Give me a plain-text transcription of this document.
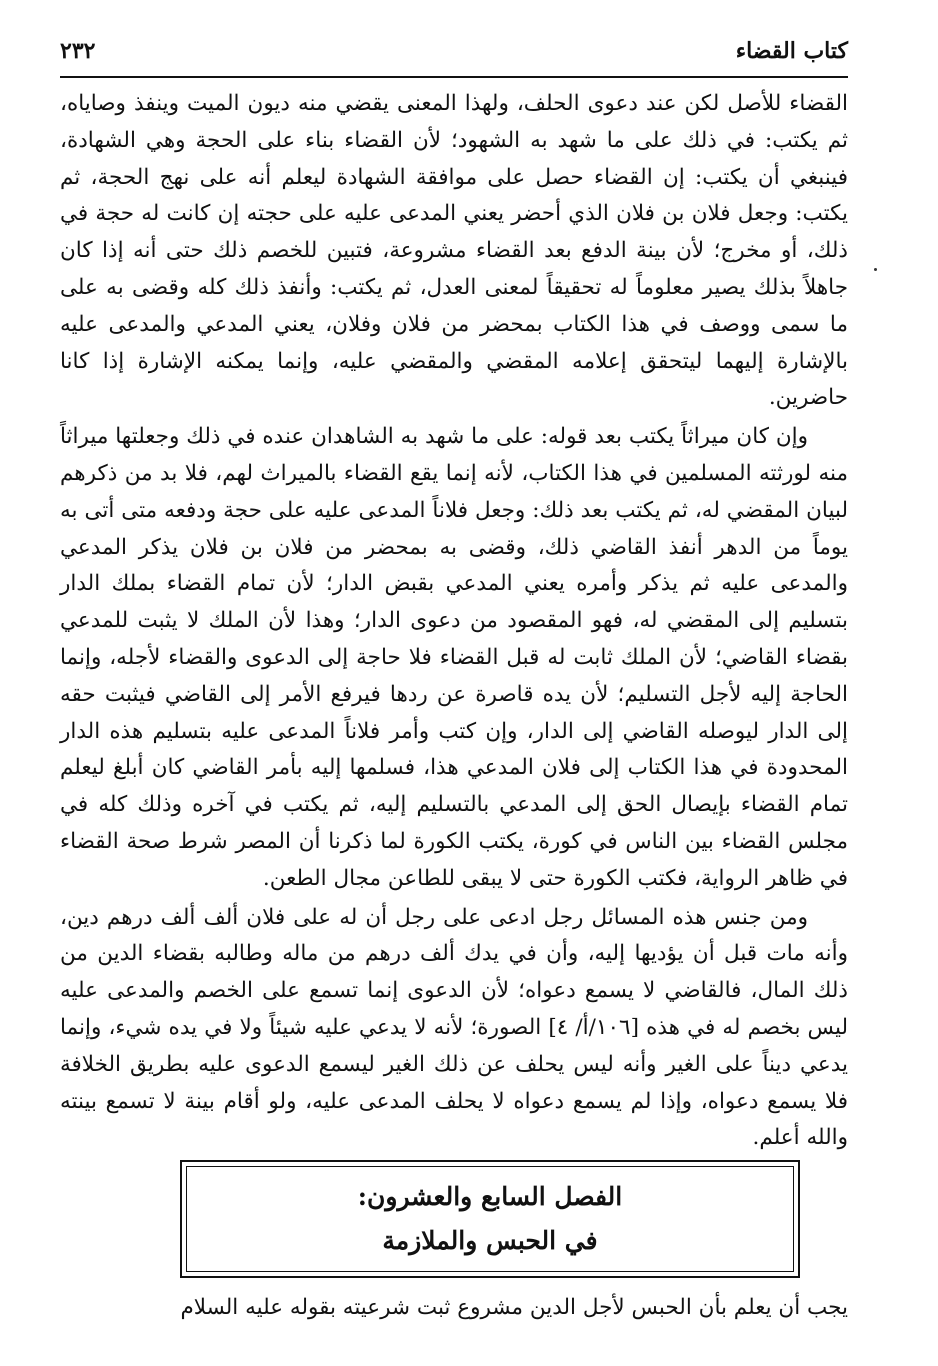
كتاب القضاء
٢٣٢

القضاء للأصل لكن عند دعوى الحلف، ولهذا المعنى يقضي منه ديون الميت وينفذ وصاياه، ثم يكتب: في ذلك على ما شهد به الشهود؛ لأن القضاء بناء على الحجة وهي الشهادة، فينبغي أن يكتب: إن القضاء حصل على موافقة الشهادة ليعلم أنه على نهج الحجة، ثم يكتب: وجعل فلان بن فلان الذي أحضر يعني المدعى عليه على حجته إن كانت له حجة في ذلك، أو مخرج؛ لأن بينة الدفع بعد القضاء مشروعة، فتبين للخصم ذلك حتى أنه إذا كان جاهلاً بذلك يصير معلوماً له تحقيقاً لمعنى العدل، ثم يكتب: وأنفذ ذلك كله وقضى به على ما سمى ووصف في هذا الكتاب بمحضر من فلان وفلان، يعني المدعي والمدعى عليه بالإشارة إليهما ليتحقق إعلامه المقضي والمقضي عليه، وإنما يمكنه الإشارة إذا كانا حاضرين.

وإن كان ميراثاً يكتب بعد قوله: على ما شهد به الشاهدان عنده في ذلك وجعلتها ميراثاً منه لورثته المسلمين في هذا الكتاب، لأنه إنما يقع القضاء بالميراث لهم، فلا بد من ذكرهم لبيان المقضي له، ثم يكتب بعد ذلك: وجعل فلاناً المدعى عليه على حجة ودفعه متى أتى به يوماً من الدهر أنفذ القاضي ذلك، وقضى به بمحضر من فلان بن فلان يذكر المدعي والمدعى عليه ثم يذكر وأمره يعني المدعي بقبض الدار؛ لأن تمام القضاء بملك الدار بتسليم إلى المقضي له، فهو المقصود من دعوى الدار؛ وهذا لأن الملك لا يثبت للمدعي بقضاء القاضي؛ لأن الملك ثابت له قبل القضاء فلا حاجة إلى الدعوى والقضاء لأجله، وإنما الحاجة إليه لأجل التسليم؛ لأن يده قاصرة عن ردها فيرفع الأمر إلى القاضي فيثبت حقه إلى الدار ليوصله القاضي إلى الدار، وإن كتب وأمر فلاناً المدعى عليه بتسليم هذه الدار المحدودة في هذا الكتاب إلى فلان المدعي هذا، فسلمها إليه بأمر القاضي كان أبلغ ليعلم تمام القضاء بإيصال الحق إلى المدعي بالتسليم إليه، ثم يكتب في آخره وذلك كله في مجلس القضاء بين الناس في كورة، يكتب الكورة لما ذكرنا أن المصر شرط صحة القضاء في ظاهر الرواية، فكتب الكورة حتى لا يبقى للطاعن مجال الطعن.

ومن جنس هذه المسائل رجل ادعى على رجل أن له على فلان ألف ألف درهم دين، وأنه مات قبل أن يؤديها إليه، وأن في يدك ألف درهم من ماله وطالبه بقضاء الدين من ذلك المال، فالقاضي لا يسمع دعواه؛ لأن الدعوى إنما تسمع على الخصم والمدعى عليه ليس بخصم له في هذه [١٠٦/أ/ ٤] الصورة؛ لأنه لا يدعي عليه شيئاً ولا في يده شيء، وإنما يدعي ديناً على الغير وأنه ليس يحلف عن ذلك الغير ليسمع الدعوى عليه بطريق الخلافة فلا يسمع دعواه، وإذا لم يسمع دعواه لا يحلف المدعى عليه، ولو أقام بينة لا تسمع بينته والله أعلم.

الفصل السابع والعشرون:
في الحبس والملازمة
يجب أن يعلم بأن الحبس لأجل الدين مشروع ثبت شرعيته بقوله عليه السلام
